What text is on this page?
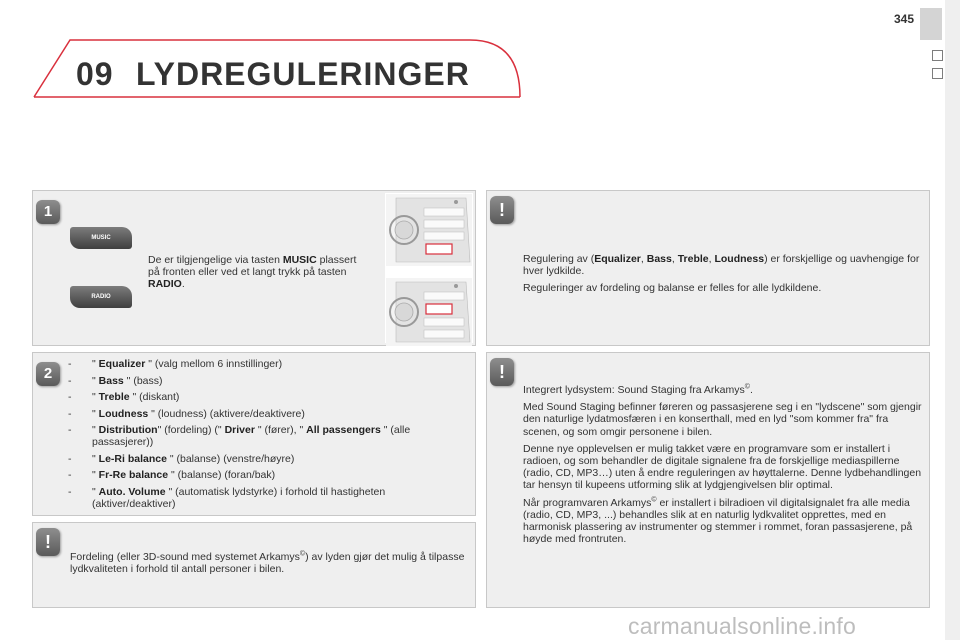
345
09 LYDREGULERINGER
1
MUSIC
RADIO
De er tilgjengelige via tasten MUSIC plassert på fronten eller ved et langt trykk på tasten RADIO.
2
- " Equalizer " (valg mellom 6 innstillinger)
- " Bass " (bass)
- " Treble " (diskant)
- " Loudness " (loudness) (aktivere/deaktivere)
- " Distribution" (fordeling) (" Driver " (fører), " All passengers " (alle passasjerer))
- " Le-Ri balance " (balanse) (venstre/høyre)
- " Fr-Re balance " (balanse) (foran/bak)
- " Auto. Volume " (automatisk lydstyrke) i forhold til hastigheten (aktiver/deaktiver)
!
Fordeling (eller 3D-sound med systemet Arkamys©) av lyden gjør det mulig å tilpasse lydkvaliteten i forhold til antall personer i bilen.
!
Regulering av (Equalizer, Bass, Treble, Loudness) er forskjellige og uavhengige for hver lydkilde.
Reguleringer av fordeling og balanse er felles for alle lydkildene.
!
Integrert lydsystem: Sound Staging fra Arkamys©.
Med Sound Staging befinner føreren og passasjerene seg i en "lydscene" som gjengir den naturlige lydatmosfæren i en konserthall, med en lyd "som kommer fra" fra scenen, og som omgir personene i bilen.
Denne nye opplevelsen er mulig takket være en programvare som er installert i radioen, og som behandler de digitale signalene fra de forskjellige mediaspillerne (radio, CD, MP3…) uten å endre reguleringen av høyttalerne. Denne lydbehandlingen tar hensyn til kupeens utforming slik at lydgjengivelsen blir optimal.
Når programvaren Arkamys© er installert i bilradioen vil digitalsignalet fra alle media (radio, CD, MP3, ...) behandles slik at en naturlig lydkvalitet opprettes, med en harmonisk plassering av instrumenter og stemmer i rommet, foran passasjerene, på høyde med frontruten.
carmanualsonline.info
